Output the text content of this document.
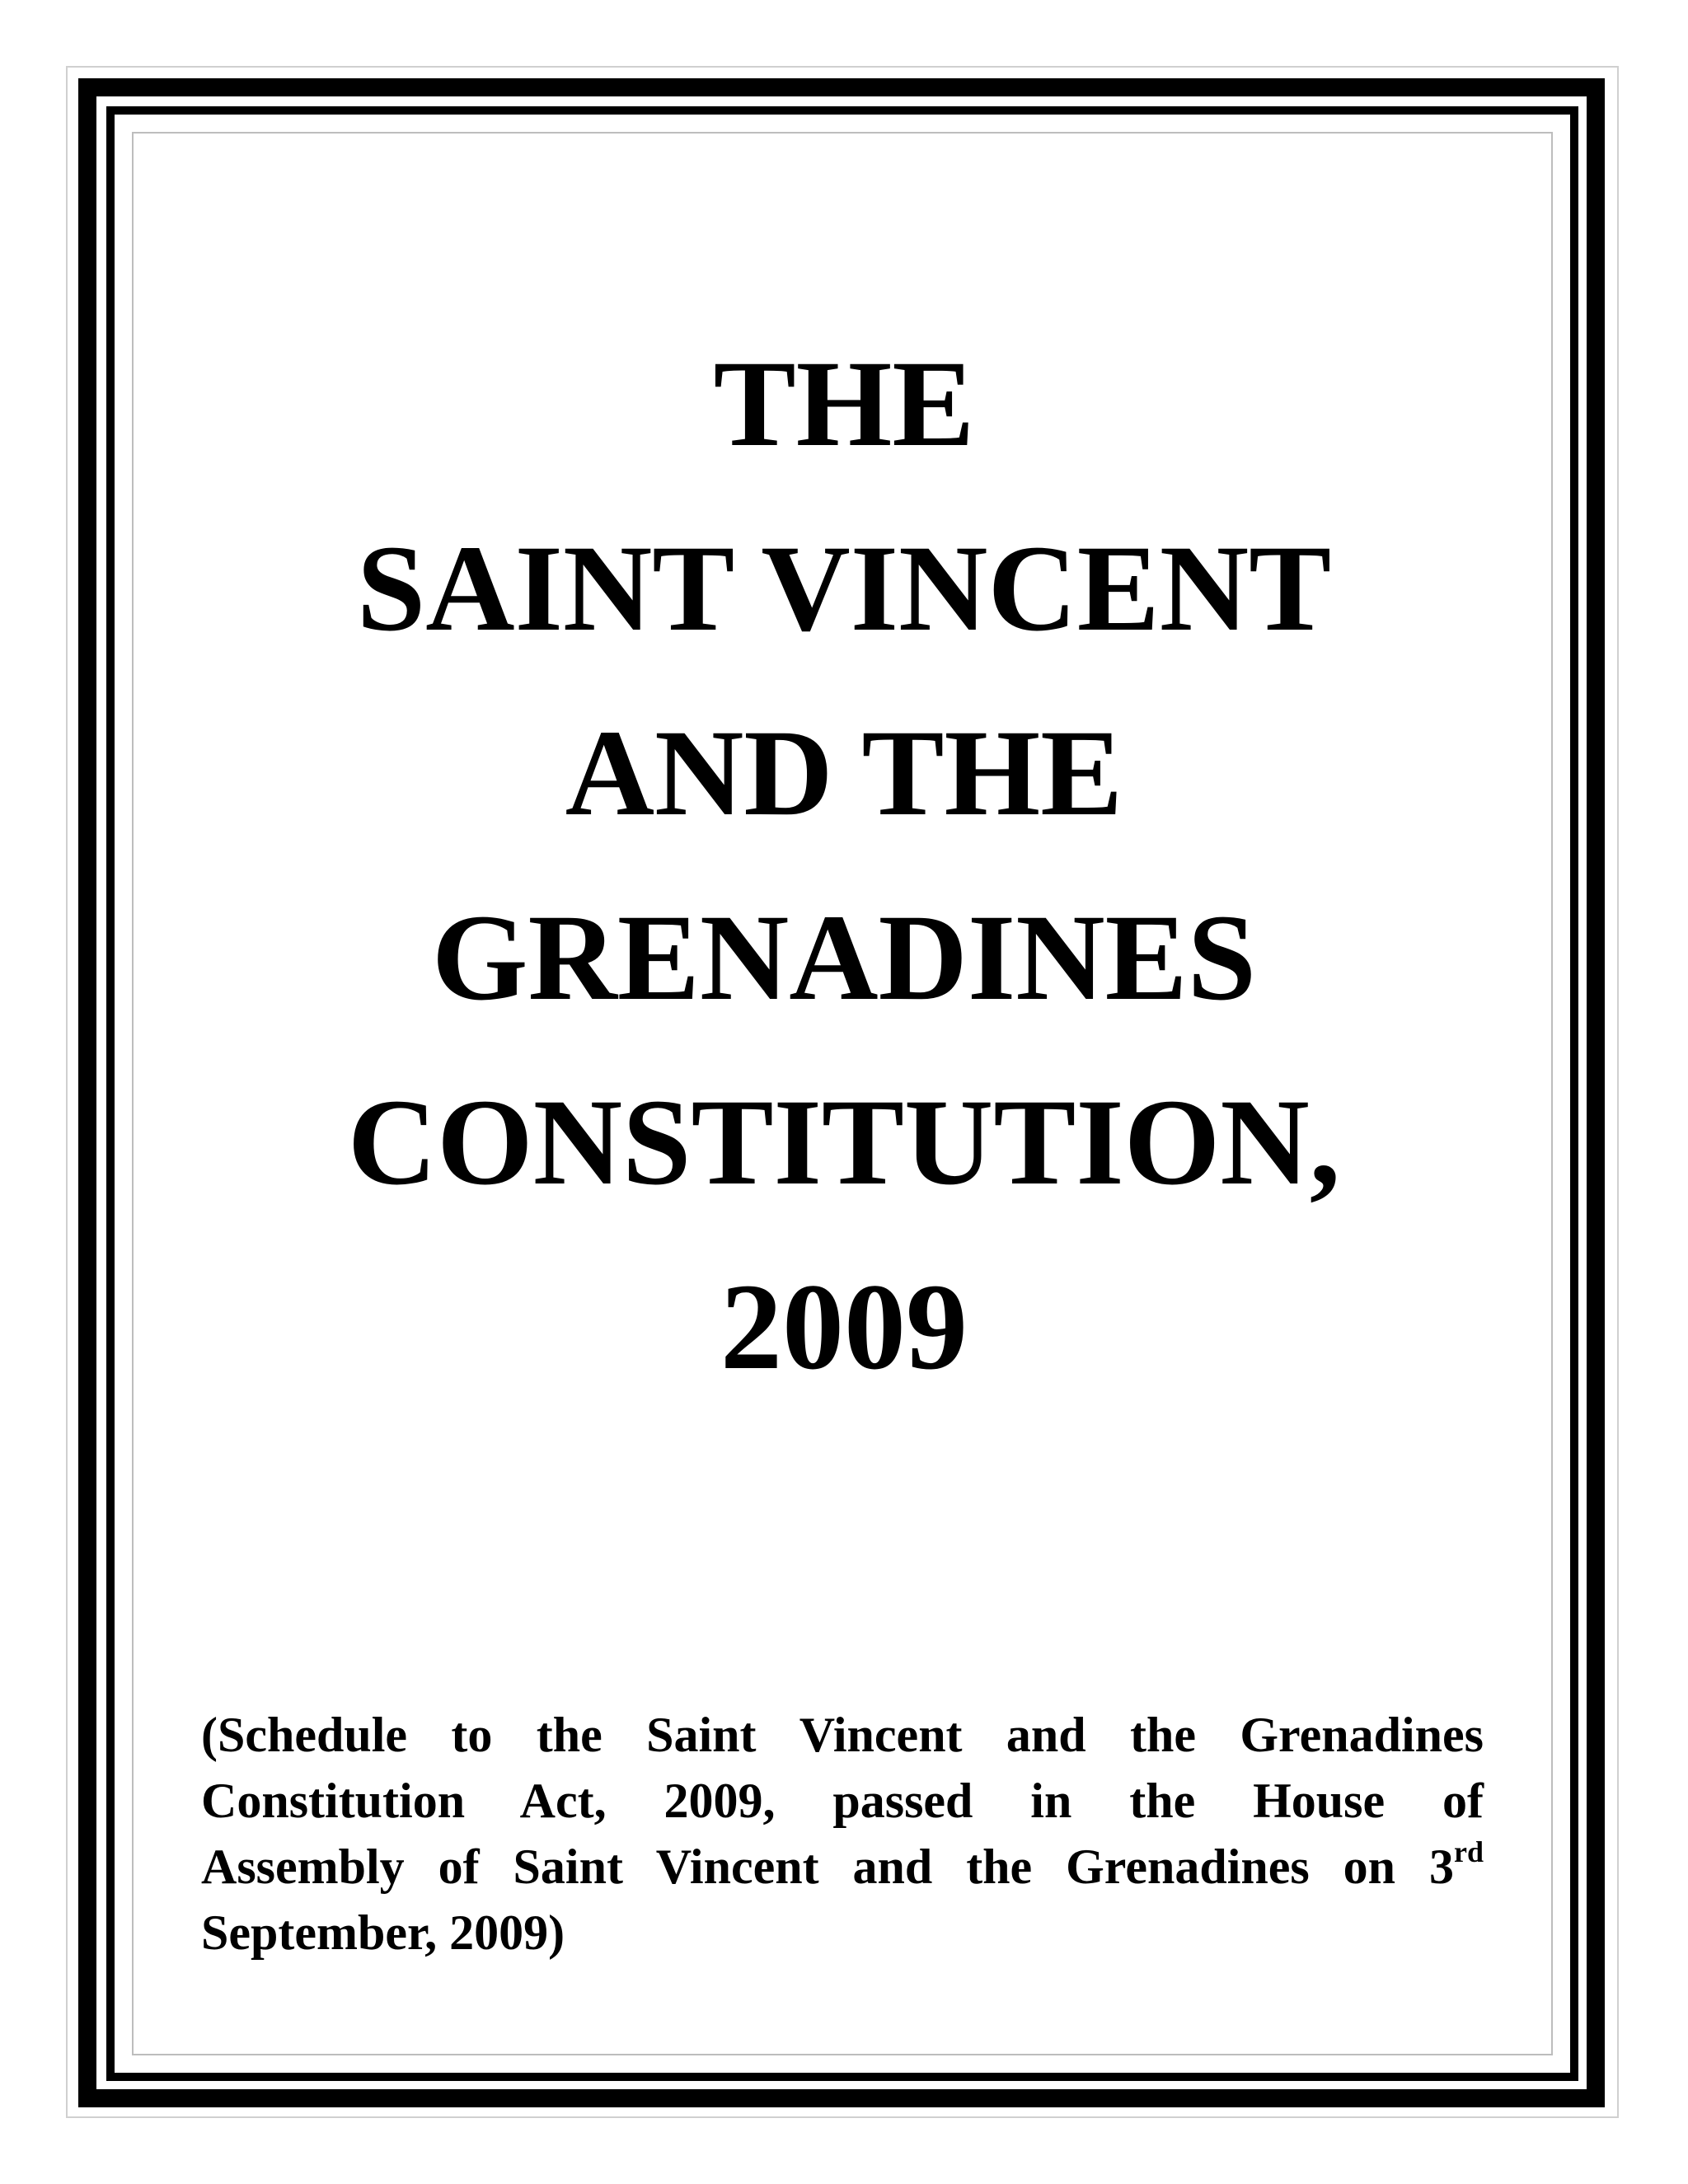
THE
SAINT VINCENT
AND THE
GRENADINES
CONSTITUTION,
2009
(Schedule to the Saint Vincent and the Grenadines
Constitution Act, 2009, passed in the House of
Assembly of Saint Vincent and the Grenadines on 3rd
September, 2009)
